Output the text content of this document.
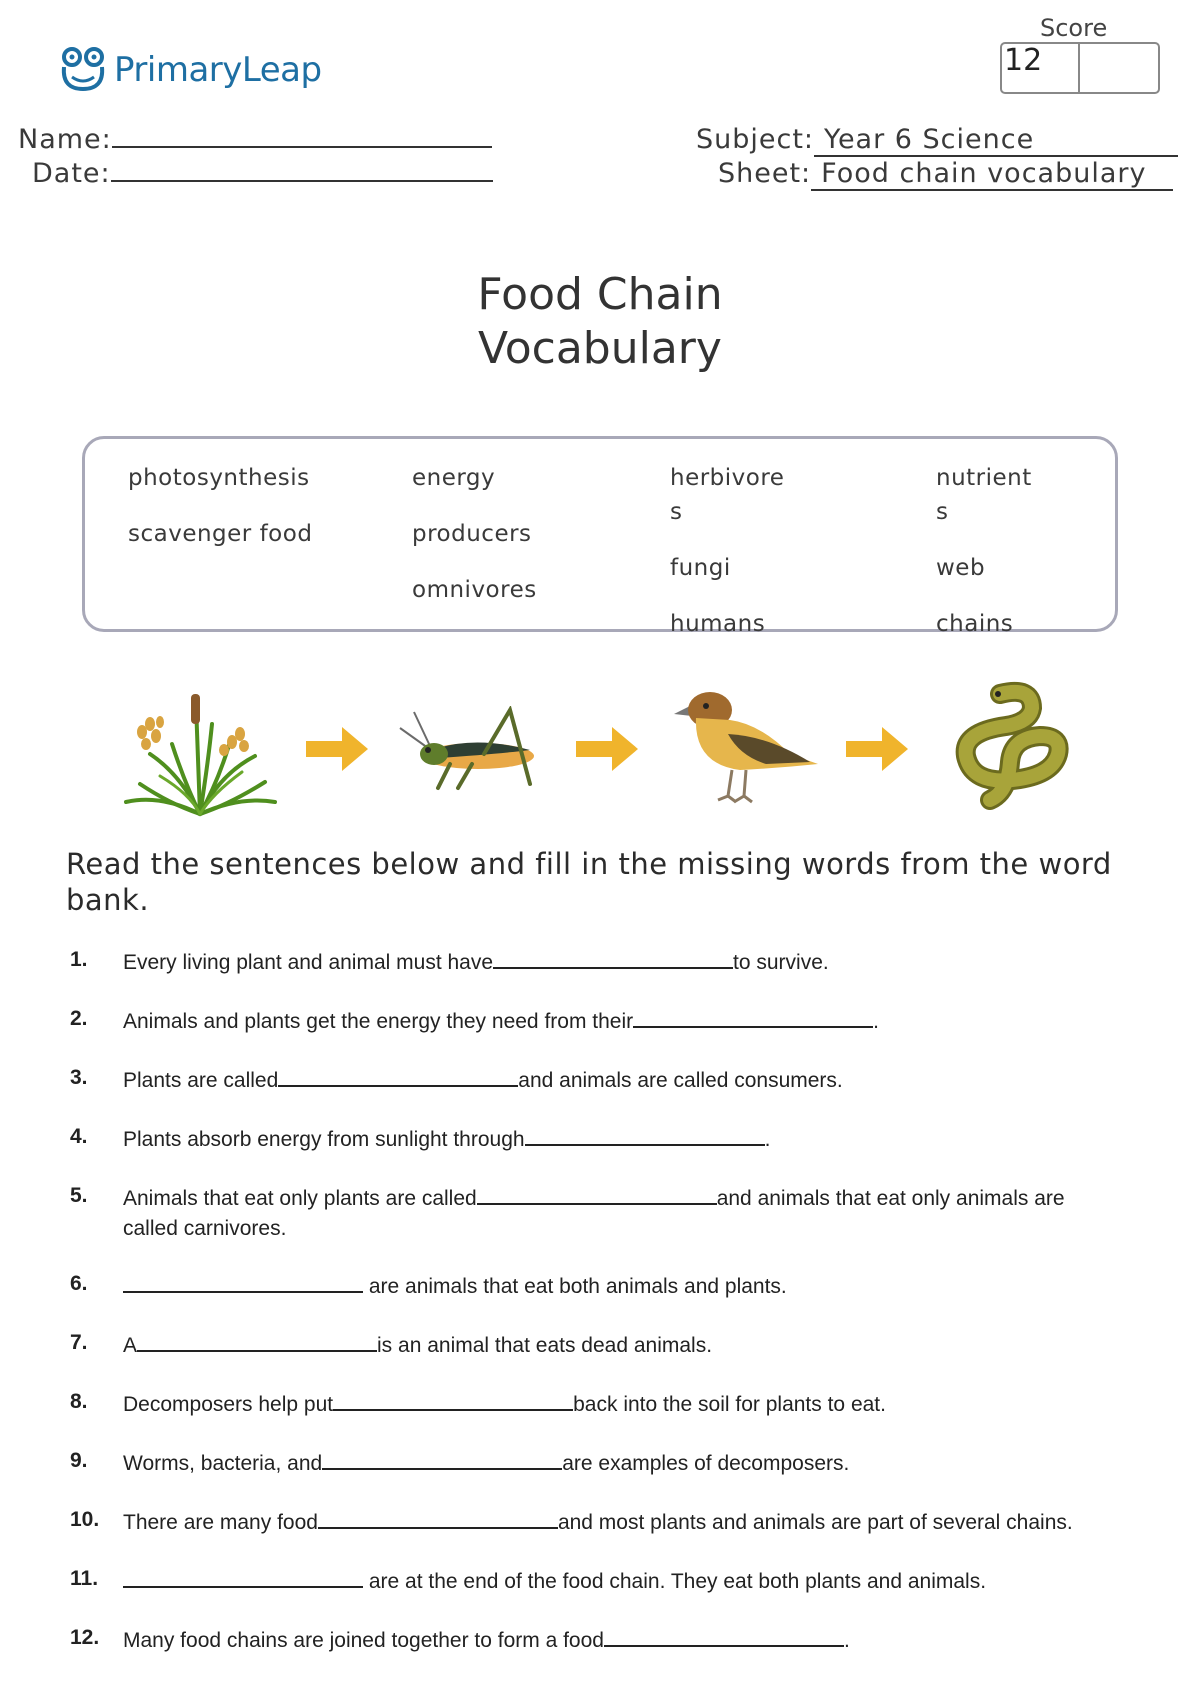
PrimaryLeap
Score
12
Name:
Date:
Subject: Year 6 Science
Sheet: Food chain vocabulary
Food Chain
Vocabulary
photosynthesis
scavenger food
energy
producers
omnivores
herbivore
s
fungi
humans
nutrient
s
web
chains
Read the sentences below and fill in the missing words from the word bank.
1. Every living plant and animal must have	to survive.
2. Animals and plants get the energy they need from their	.
3. Plants are called	and animals are called consumers.
4. Plants absorb energy from sunlight through	.
5. Animals that eat only plants are called	and animals that eat only animals are called carnivores.
6.	are animals that eat both animals and plants.
7. A	is an animal that eats dead animals.
8. Decomposers help put	back into the soil for plants to eat.
9. Worms, bacteria, and	are examples of decomposers.
10. There are many food	and most plants and animals are part of several chains.
11.	are at the end of the food chain. They eat both plants and animals.
12. Many food chains are joined together to form a food	.
